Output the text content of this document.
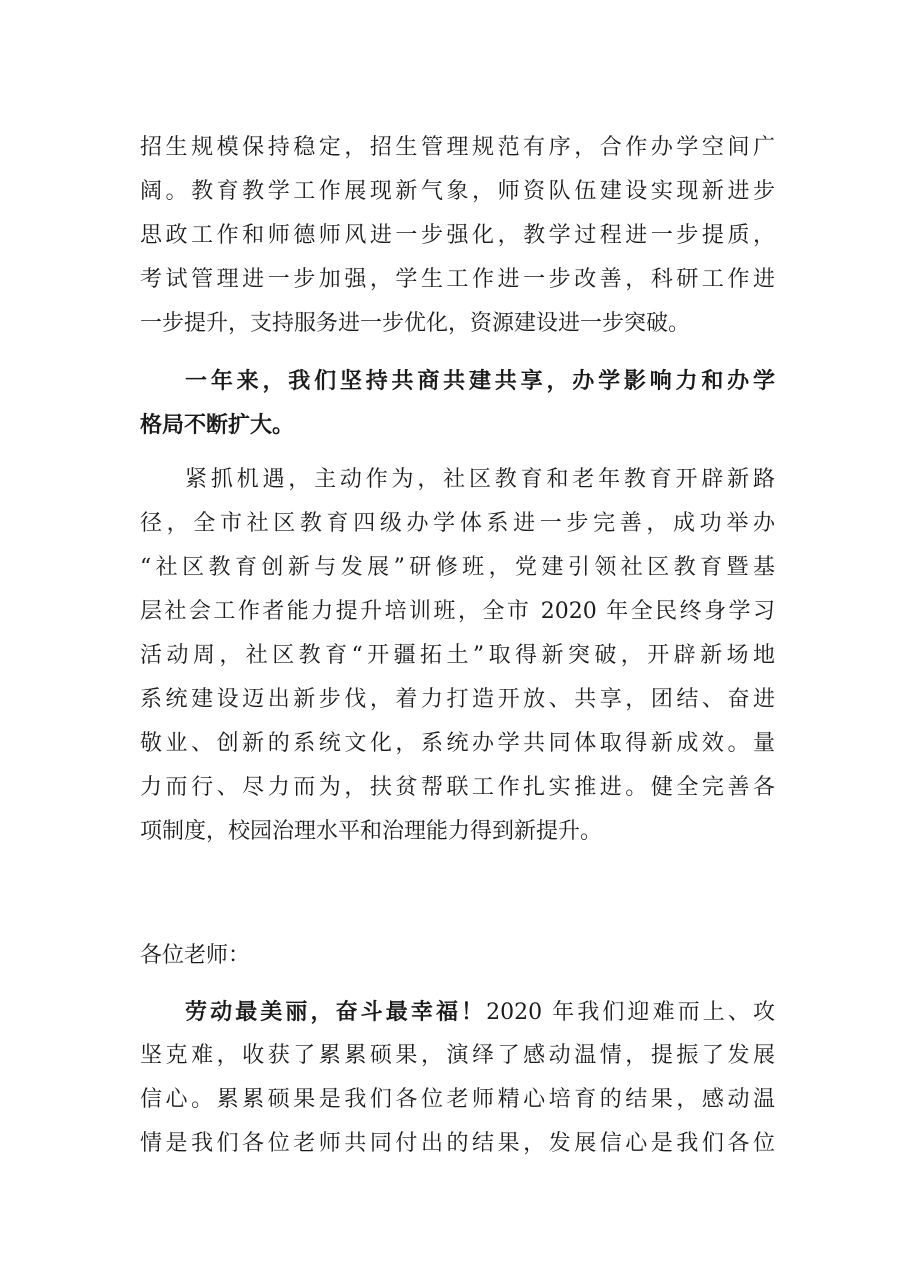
招生规模保持稳定，招生管理规范有序，合作办学空间广
阔。教育教学工作展现新气象，师资队伍建设实现新进步
思政工作和师德师风进一步强化，教学过程进一步提质，
考试管理进一步加强，学生工作进一步改善，科研工作进
一步提升，支持服务进一步优化，资源建设进一步突破。
一年来，我们坚持共商共建共享，办学影响力和办学
格局不断扩大。
紧抓机遇，主动作为，社区教育和老年教育开辟新路
径，全市社区教育四级办学体系进一步完善，成功举办
“社区教育创新与发展”研修班，党建引领社区教育暨基
层社会工作者能力提升培训班，全市 2020 年全民终身学习
活动周，社区教育“开疆拓土”取得新突破，开辟新场地
系统建设迈出新步伐，着力打造开放、共享，团结、奋进
敬业、创新的系统文化，系统办学共同体取得新成效。量
力而行、尽力而为，扶贫帮联工作扎实推进。健全完善各
项制度，校园治理水平和治理能力得到新提升。
各位老师：
劳动最美丽，奋斗最幸福！2020 年我们迎难而上、攻
坚克难，收获了累累硕果，演绎了感动温情，提振了发展
信心。累累硕果是我们各位老师精心培育的结果，感动温
情是我们各位老师共同付出的结果，发展信心是我们各位
